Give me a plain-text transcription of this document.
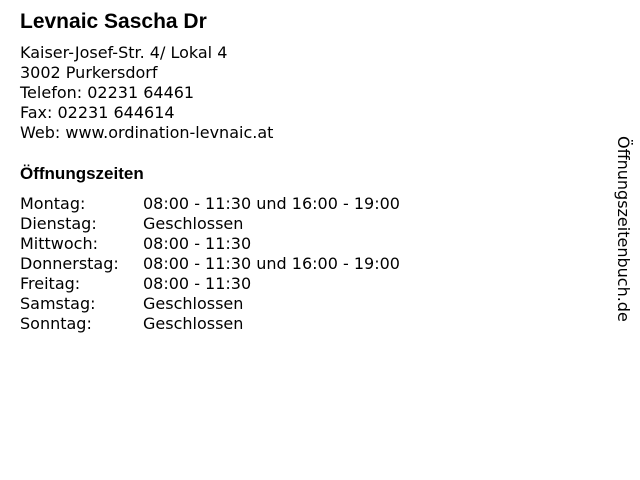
Levnaic Sascha Dr
Kaiser-Josef-Str. 4/ Lokal 4
3002 Purkersdorf
Telefon: 02231 64461
Fax: 02231 644614
Web: www.ordination-levnaic.at
Öffnungszeiten
Montag:	08:00 - 11:30 und 16:00 - 19:00
Dienstag:	Geschlossen
Mittwoch:	08:00 - 11:30
Donnerstag: 08:00 - 11:30 und 16:00 - 19:00
Freitag:	08:00 - 11:30
Samstag:	Geschlossen
Sonntag:	Geschlossen
Öffnungszeitenbuch.de
